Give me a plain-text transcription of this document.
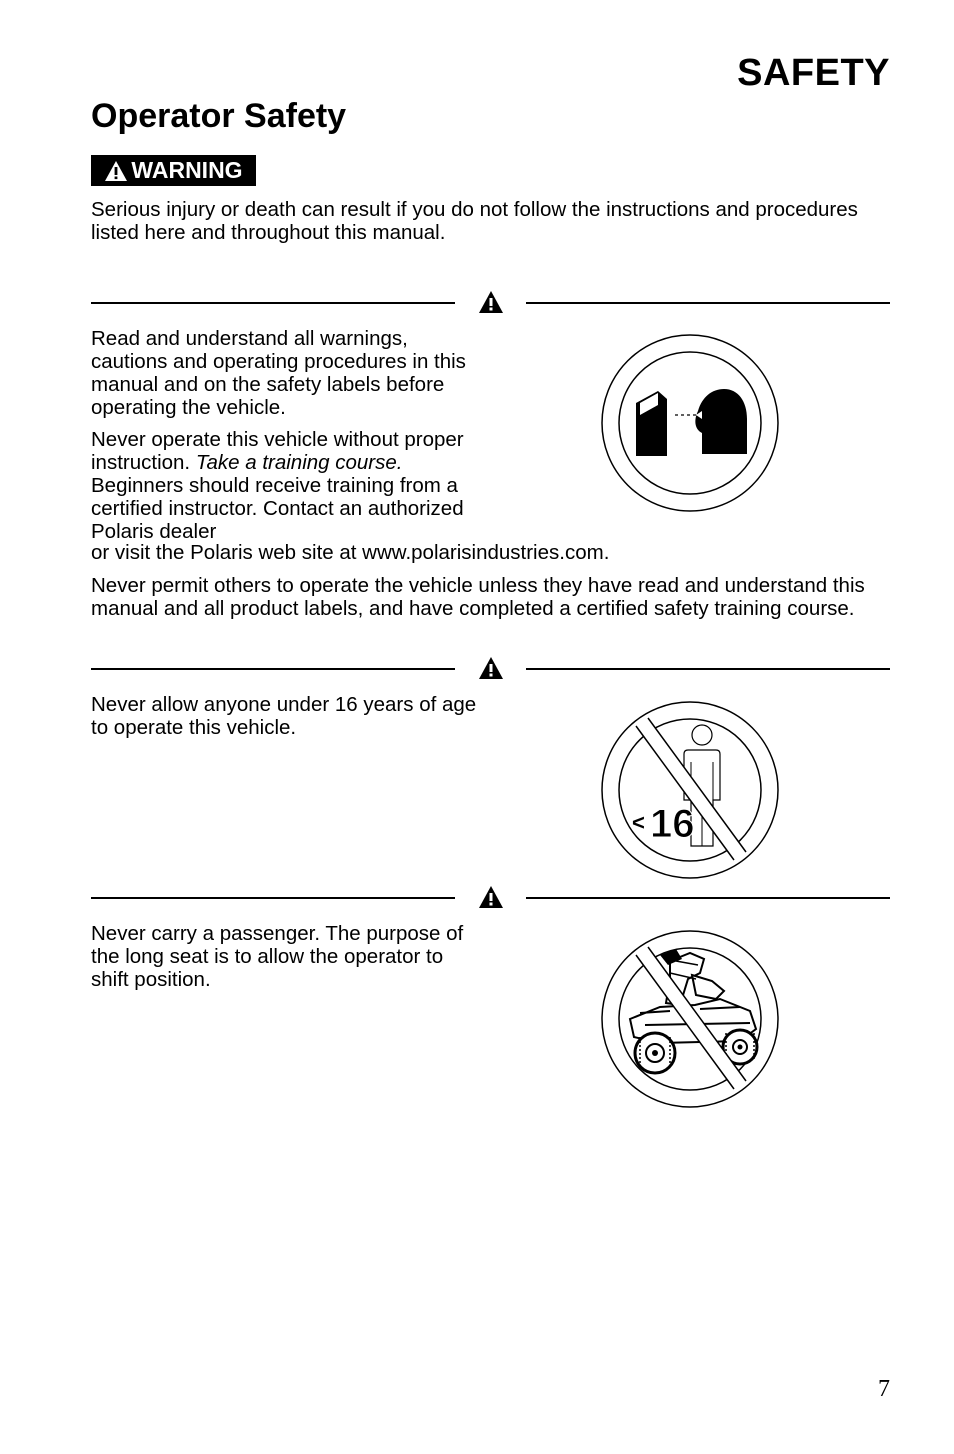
SAFETY
Operator Safety
WARNING

Serious injury or death can result if you do not follow the instructions and procedures listed here and throughout this manual.

Read and understand all warnings, cautions and operating procedures in this manual and on the safety labels before operating the vehicle.

Never operate this vehicle without proper instruction. Take a training course. Beginners should receive training from a certified instructor. Contact an authorized Polaris dealer

or visit the Polaris web site at www.polarisindustries.com.

Never permit others to operate the vehicle unless they have read and understand this manual and all product labels, and have completed a certified safety training course.

Never allow anyone under 16 years of age to operate this vehicle.

< 16

Never carry a passenger. The purpose of the long seat is to allow the operator to shift position.

7
